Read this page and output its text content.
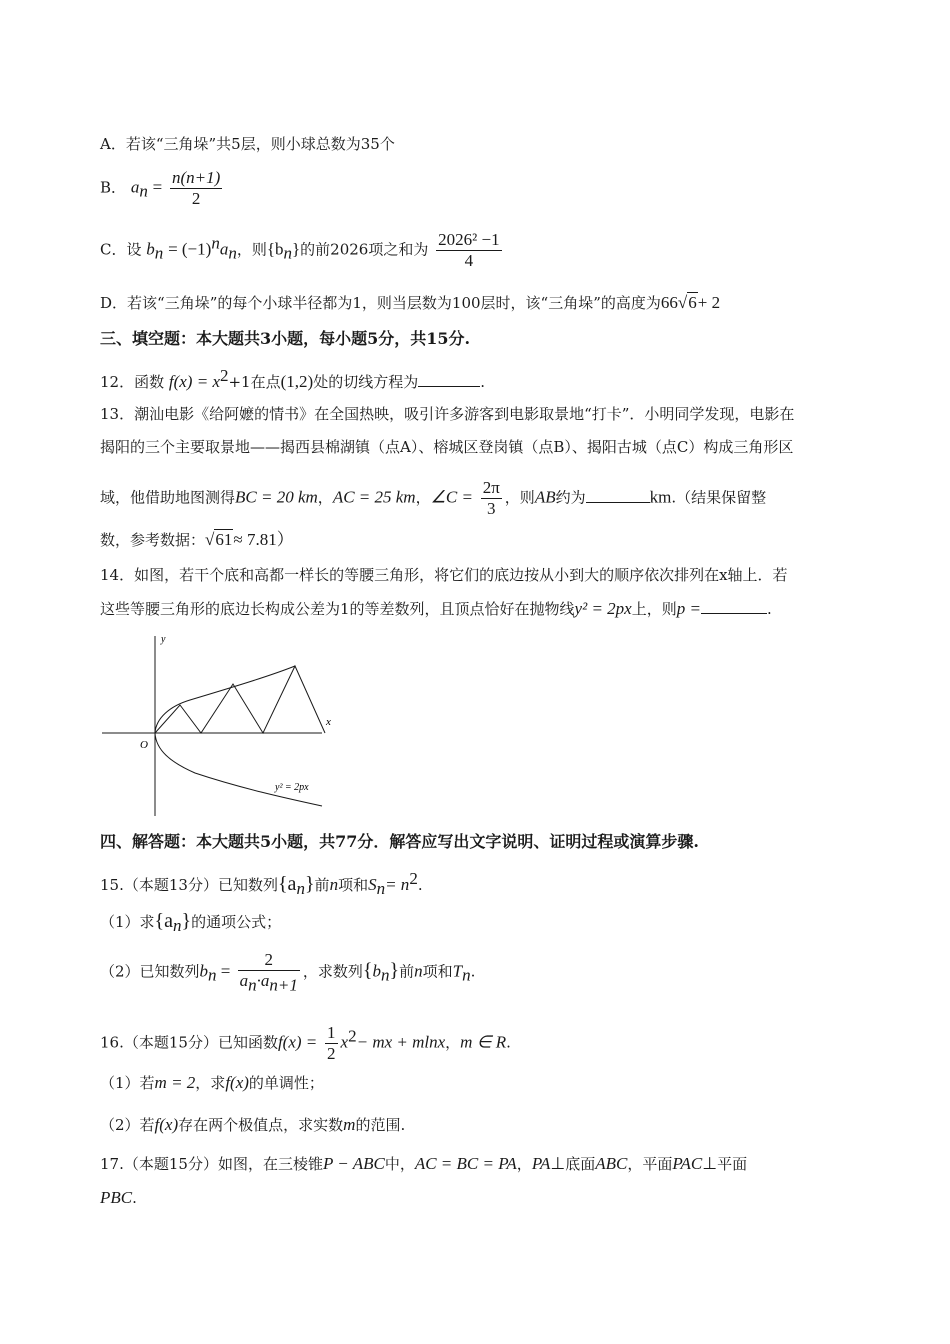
A．若该“三角垛”共5层，则小球总数为35个
B． $a_n = \frac{n(n+1)}{2}$
C．设 $b_n = (-1)^na_n$，则$\{b_n\}$的前2026项之和为 $\frac{\text{2026² −1}}{4}$
D．若该“三角垛”的每个小球半径都为1，则当层数为100层时，该“三角垛”的高度为66√6+ 2
三、填空题：本大题共3小题，每小题5分，共15分.
12．函数 $f(x) = x^2+1$在点(1,2)处的切线方程为	.
13．潮汕电影《给阿嬷的情书》在全国热映，吸引许多游客到电影取景地“打卡”．小明同学发现，电影在
揭阳的三个主要取景地——揭西县棉湖镇（点A）、榕城区登岗镇（点B）、揭阳古城（点C）构成三角形区
域，他借助地图测得BC = 20 km，AC = 25 km，∠C = $\frac{2\pi}{3}$ ，则AB约为	km.（结果保留整
数，参考数据：√61≈ 7.81）
14．如图，若干个底和高都一样长的等腰三角形，将它们的底边按从小到大的顺序依次排列在x轴上．若
这些等腰三角形的底边长构成公差为1的等差数列，且顶点恰好在抛物线y² = 2px上，则p =	.
y
x
O
y² = 2px
四、解答题：本大题共5小题，共77分．解答应写出文字说明、证明过程或演算步骤.
15.（本题13分）已知数列$\{a_n\}$前n项和$S_n= n^2$.
（1）求$\{a_n\}$的通项公式；
（2）已知数列$b_n = \frac{2}{a_n\cdot a_{n+1}}$ ，求数列$\{b_n\}$前n项和$T_n$.
16.（本题15分）已知函数$f(x) = \frac{1}{2} x^2-$ mx + mlnx，m ∈ R.
（1）若m = 2，求f(x)的单调性；
（2）若f(x)存在两个极值点，求实数m的范围.
17.（本题15分）如图，在三棱锥P − ABC中，AC = BC = PA，PA⊥底面ABC，平面PAC⊥平面
PBC.
